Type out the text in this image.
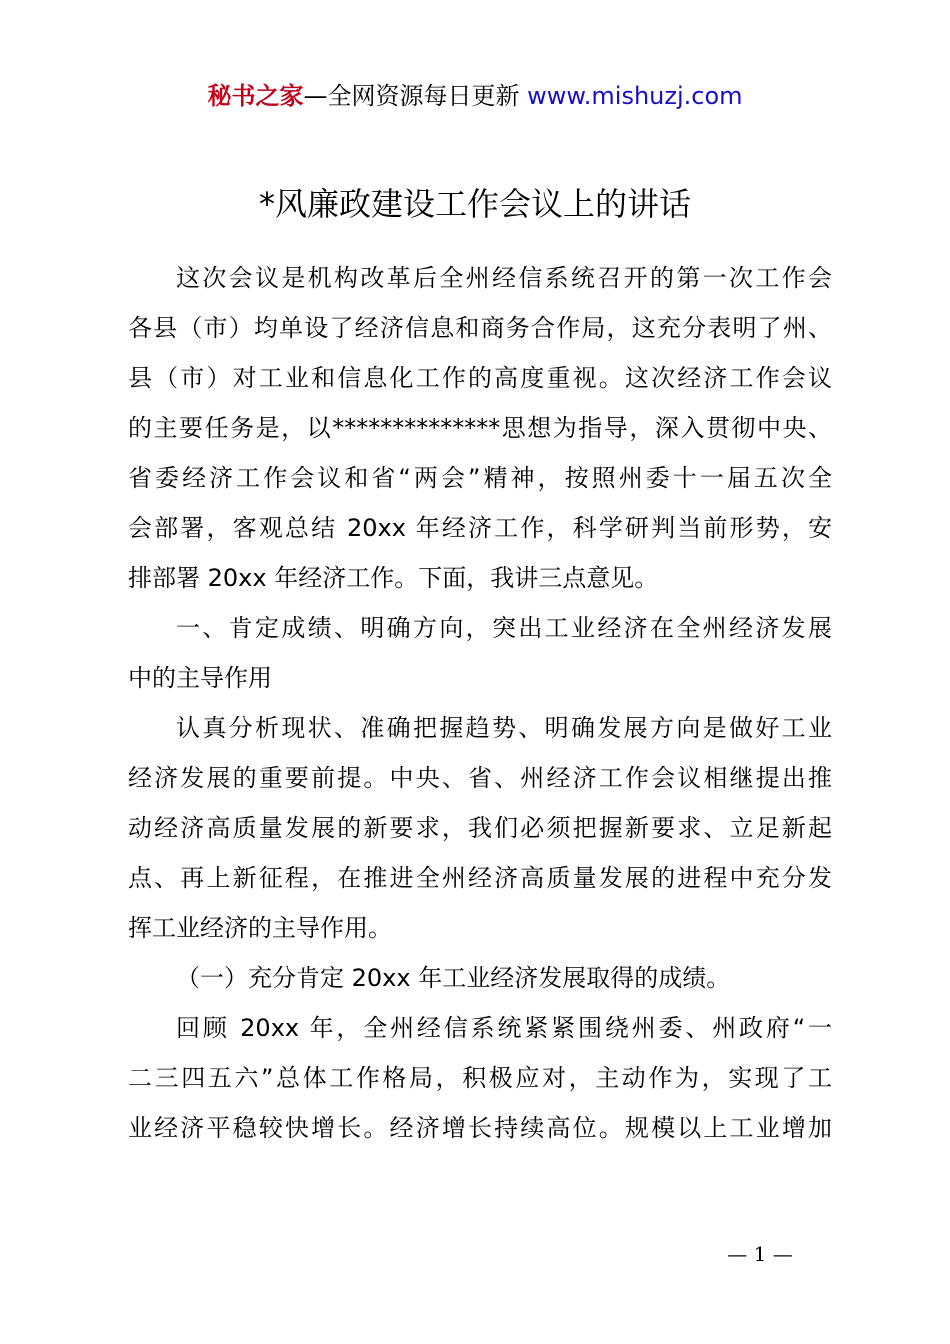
秘书之家—全网资源每日更新 www.mishuzj.com
*风廉政建设工作会议上的讲话
这次会议是机构改革后全州经信系统召开的第一次工作会
各县（市）均单设了经济信息和商务合作局，这充分表明了州、
县（市）对工业和信息化工作的高度重视。这次经济工作会议
的主要任务是，以**************思想为指导，深入贯彻中央、
省委经济工作会议和省“两会”精神，按照州委十一届五次全
会部署，客观总结 20xx 年经济工作，科学研判当前形势，安
排部署 20xx 年经济工作。下面，我讲三点意见。
一、肯定成绩、明确方向，突出工业经济在全州经济发展
中的主导作用
认真分析现状、准确把握趋势、明确发展方向是做好工业
经济发展的重要前提。中央、省、州经济工作会议相继提出推
动经济高质量发展的新要求，我们必须把握新要求、立足新起
点、再上新征程，在推进全州经济高质量发展的进程中充分发
挥工业经济的主导作用。
（一）充分肯定 20xx 年工业经济发展取得的成绩。
回顾 20xx 年，全州经信系统紧紧围绕州委、州政府“一
二三四五六”总体工作格局，积极应对，主动作为，实现了工
业经济平稳较快增长。经济增长持续高位。规模以上工业增加
— 1 —
